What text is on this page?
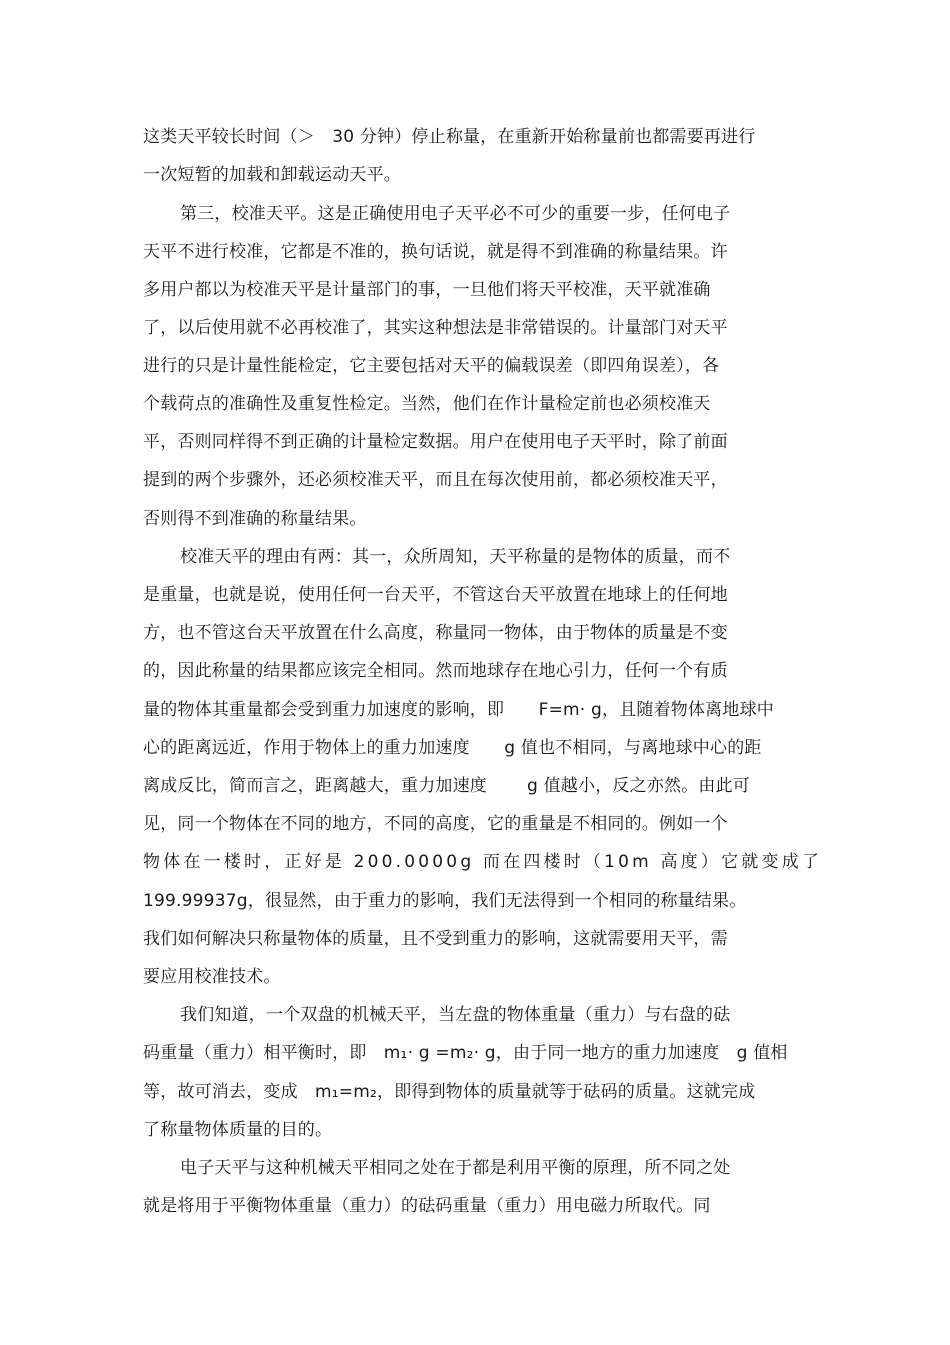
这类天平较长时间（＞　30 分钟）停止称量，在重新开始称量前也都需要再进行
一次短暂的加载和卸载运动天平。
第三，校准天平。这是正确使用电子天平必不可少的重要一步，任何电子
天平不进行校准，它都是不准的，换句话说，就是得不到准确的称量结果。许
多用户都以为校准天平是计量部门的事，一旦他们将天平校准，天平就准确
了，以后使用就不必再校准了，其实这种想法是非常错误的。计量部门对天平
进行的只是计量性能检定，它主要包括对天平的偏载误差（即四角误差），各
个载荷点的准确性及重复性检定。当然，他们在作计量检定前也必须校准天
平，否则同样得不到正确的计量检定数据。用户在使用电子天平时，除了前面
提到的两个步骤外，还必须校准天平，而且在每次使用前，都必须校准天平，
否则得不到准确的称量结果。
校准天平的理由有两：其一，众所周知，天平称量的是物体的质量，而不
是重量，也就是说，使用任何一台天平，不管这台天平放置在地球上的任何地
方，也不管这台天平放置在什么高度，称量同一物体，由于物体的质量是不变
的，因此称量的结果都应该完全相同。然而地球存在地心引力，任何一个有质
量的物体其重量都会受到重力加速度的影响，即　　F=m· g，且随着物体离地球中
心的距离远近，作用于物体上的重力加速度　　g 值也不相同，与离地球中心的距
离成反比，简而言之，距离越大，重力加速度　　 g 值越小，反之亦然。由此可
见，同一个物体在不同的地方，不同的高度，它的重量是不相同的。例如一个
物体在一楼时，正好是 200.0000g 而在四楼时（10m 高度）它就变成了
199.99937g，很显然，由于重力的影响，我们无法得到一个相同的称量结果。
我们如何解决只称量物体的质量，且不受到重力的影响，这就需要用天平，需
要应用校准技术。
我们知道，一个双盘的机械天平，当左盘的物体重量（重力）与右盘的砝
码重量（重力）相平衡时，即　m₁· g =m₂· g，由于同一地方的重力加速度　g 值相
等，故可消去，变成　m₁=m₂，即得到物体的质量就等于砝码的质量。这就完成
了称量物体质量的目的。
电子天平与这种机械天平相同之处在于都是利用平衡的原理，所不同之处
就是将用于平衡物体重量（重力）的砝码重量（重力）用电磁力所取代。同
